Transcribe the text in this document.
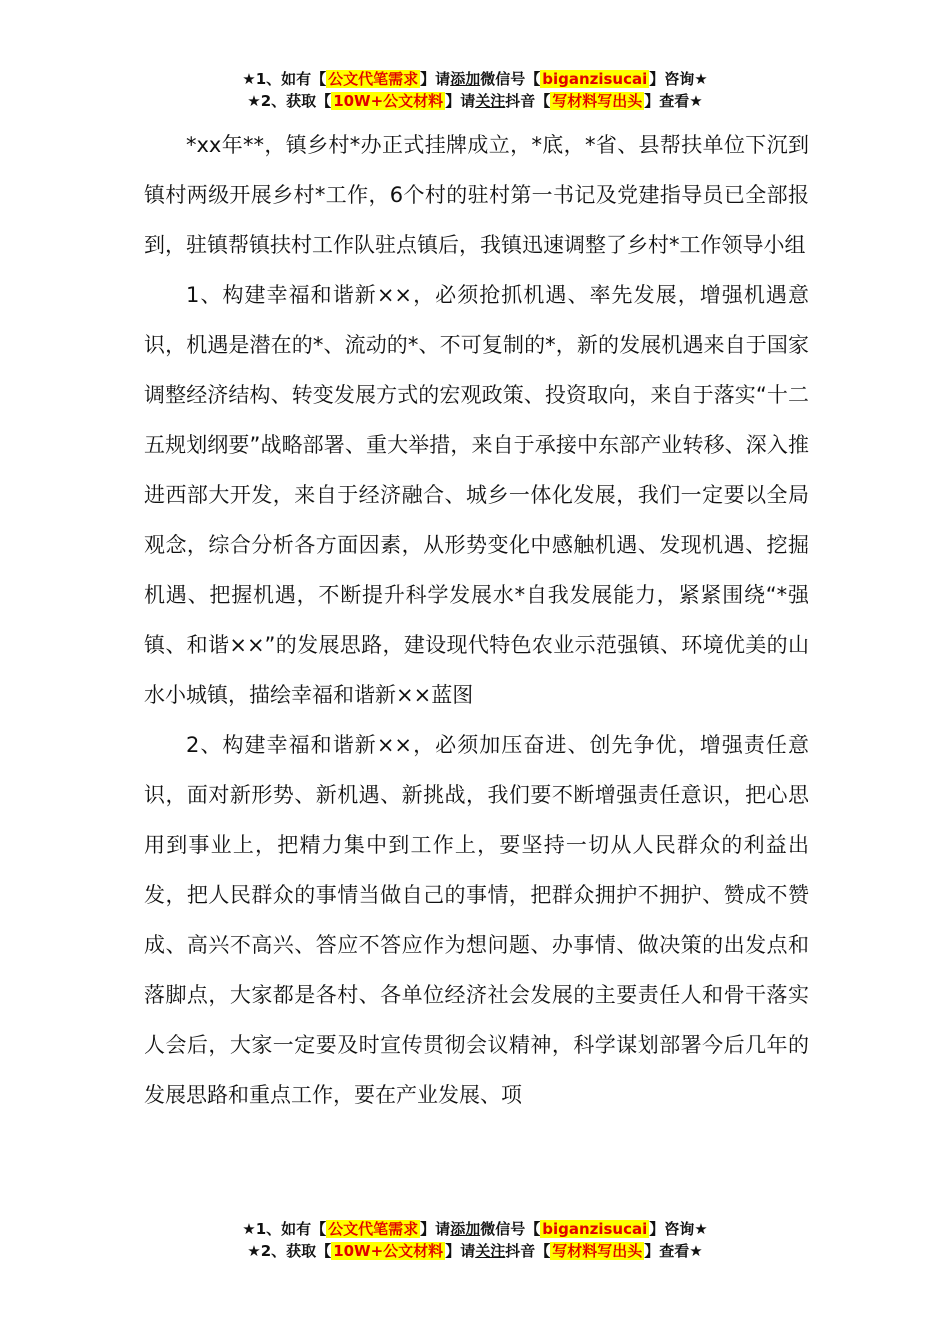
★1、如有【 公文代笔需求 】请添加微信号【 biganzisucai 】咨询★
★2、获取【 10W+公文材料 】请关注抖音【 写材料写出头 】查看★

*xx年**，镇乡村*办正式挂牌成立，*底，*省、县帮扶单位下沉到镇村两级开展乡村*工作，6个村的驻村第一书记及党建指导员已全部报到，驻镇帮镇扶村工作队驻点镇后，我镇迅速调整了乡村*工作领导小组

1、构建幸福和谐新××，必须抢抓机遇、率先发展，增强机遇意识，机遇是潜在的*、流动的*、不可复制的*，新的发展机遇来自于国家调整经济结构、转变发展方式的宏观政策、投资取向，来自于落实“十二五规划纲要”战略部署、重大举措，来自于承接中东部产业转移、深入推进西部大开发，来自于经济融合、城乡一体化发展，我们一定要以全局观念，综合分析各方面因素，从形势变化中感触机遇、发现机遇、挖掘机遇、把握机遇，不断提升科学发展水*自我发展能力，紧紧围绕“*强镇、和谐××”的发展思路，建设现代特色农业示范强镇、环境优美的山水小城镇，描绘幸福和谐新××蓝图

2、构建幸福和谐新××，必须加压奋进、创先争优，增强责任意识，面对新形势、新机遇、新挑战，我们要不断增强责任意识，把心思用到事业上，把精力集中到工作上，要坚持一切从人民群众的利益出发，把人民群众的事情当做自己的事情，把群众拥护不拥护、赞成不赞成、高兴不高兴、答应不答应作为想问题、办事情、做决策的出发点和落脚点，大家都是各村、各单位经济社会发展的主要责任人和骨干落实人会后，大家一定要及时宣传贯彻会议精神，科学谋划部署今后几年的发展思路和重点工作，要在产业发展、项

★1、如有【 公文代笔需求 】请添加微信号【 biganzisucai 】咨询★
★2、获取【 10W+公文材料 】请关注抖音【 写材料写出头 】查看★
